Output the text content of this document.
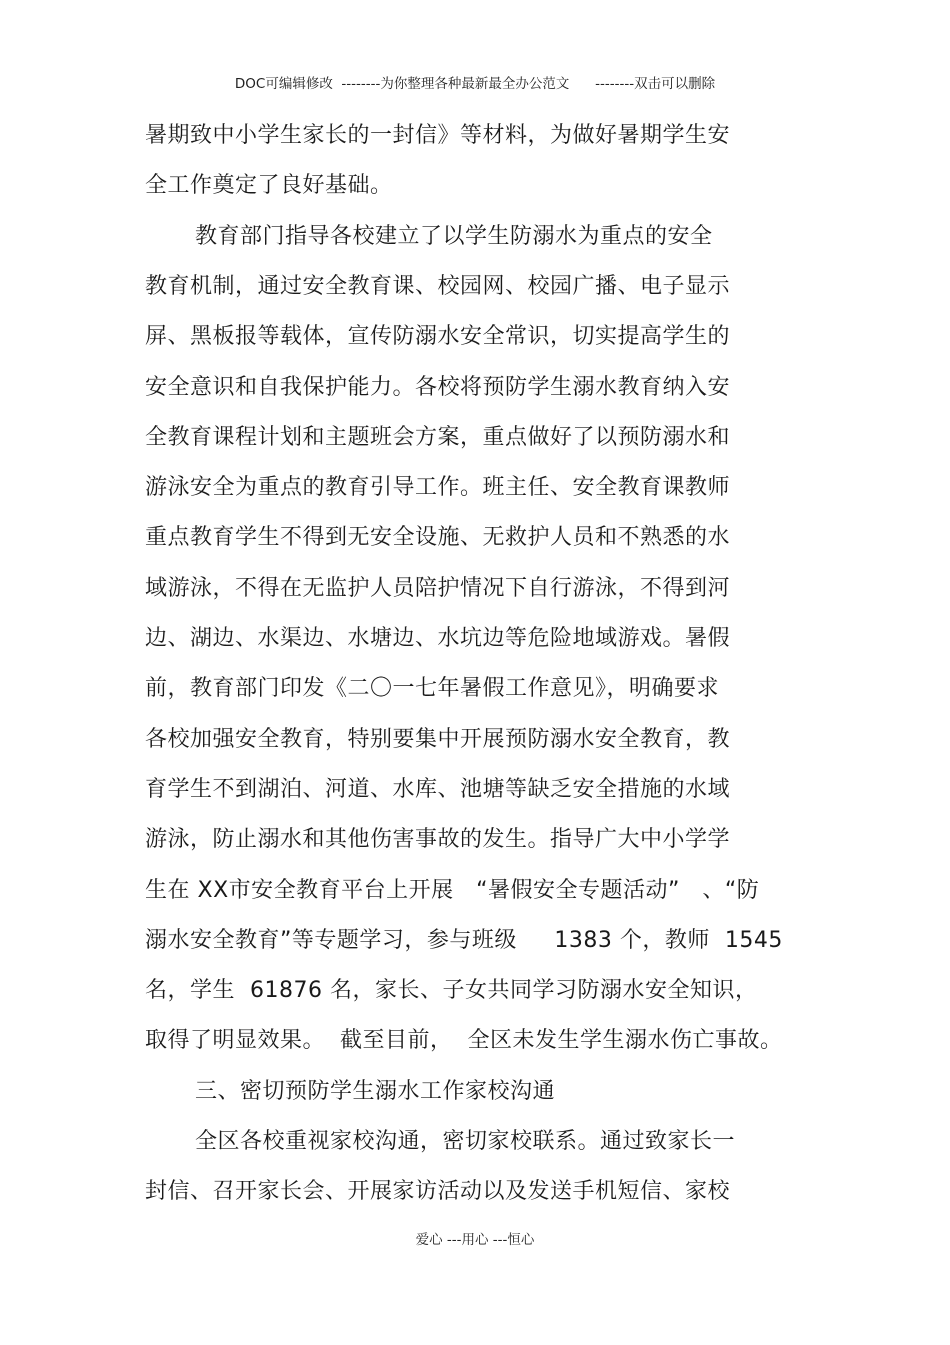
DOC可编辑修改  --------为你整理各种最新最全办公范文      --------双击可以删除
暑期致中小学生家长的一封信》等材料，为做好暑期学生安
全工作奠定了良好基础。
教育部门指导各校建立了以学生防溺水为重点的安全
教育机制，通过安全教育课、校园网、校园广播、电子显示
屏、黑板报等载体，宣传防溺水安全常识，切实提高学生的
安全意识和自我保护能力。各校将预防学生溺水教育纳入安
全教育课程计划和主题班会方案，重点做好了以预防溺水和
游泳安全为重点的教育引导工作。班主任、安全教育课教师
重点教育学生不得到无安全设施、无救护人员和不熟悉的水
域游泳，不得在无监护人员陪护情况下自行游泳，不得到河
边、湖边、水渠边、水塘边、水坑边等危险地域游戏。暑假
前，教育部门印发《二〇一七年暑假工作意见》，明确要求
各校加强安全教育，特别要集中开展预防溺水安全教育，教
育学生不到湖泊、河道、水库、池塘等缺乏安全措施的水域
游泳，防止溺水和其他伤害事故的发生。指导广大中小学学
生在 XX市安全教育平台上开展   “暑假安全专题活动”   、“防
溺水安全教育”等专题学习，参与班级     1383 个，教师  1545
名，学生  61876 名，家长、子女共同学习防溺水安全知识，
取得了明显效果。  截至目前，  全区未发生学生溺水伤亡事故。
三、密切预防学生溺水工作家校沟通
全区各校重视家校沟通，密切家校联系。通过致家长一
封信、召开家长会、开展家访活动以及发送手机短信、家校
爱心 ---用心 ---恒心
